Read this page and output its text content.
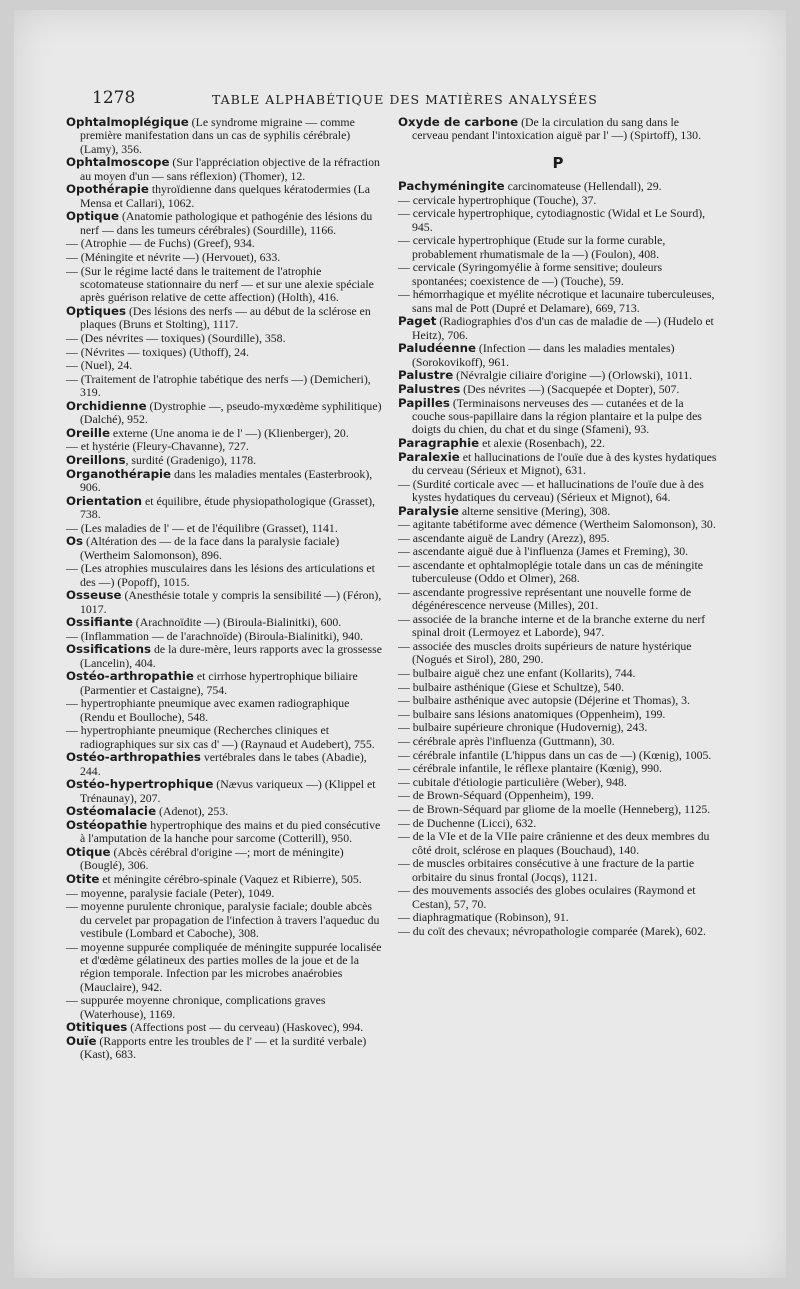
1278	TABLE ALPHABÉTIQUE DES MATIÈRES ANALYSÉES
Ophtalmoplégique (Le syndrome migraine — comme première manifestation dans un cas de syphilis cérébrale) (Lamy), 356.
Ophtalmoscope (Sur l'appréciation objective de la réfraction au moyen d'un — sans réflexion) (Thomer), 12.
Opothérapie thyroïdienne dans quelques kératodermies (La Mensa et Callari), 1062.
Optique (Anatomie pathologique et pathogénie des lésions du nerf — dans les tumeurs cérébrales) (Sourdille), 1166.
— (Atrophie — de Fuchs) (Greef), 934.
— (Méningite et névrite —) (Hervouet), 633.
— (Sur le régime lacté dans le traitement de l'atrophie scotomateuse stationnaire du nerf — et sur une alexie spéciale après guérison relative de cette affection) (Holth), 416.
Optiques (Des lésions des nerfs — au début de la sclérose en plaques (Bruns et Stolting), 1117.
— (Des névrites — toxiques) (Sourdille), 358.
— (Névrites — toxiques) (Uthoff), 24.
— (Nuel), 24.
— (Traitement de l'atrophie tabétique des nerfs —) (Demicheri), 319.
Orchidienne (Dystrophie —, pseudo-myxœdème syphilitique) (Dalché), 952.
Oreille externe (Une anoma ie de l' —) (Klienberger), 20.
— et hystérie (Fleury-Chavanne), 727.
Oreillons, surdité (Gradenigo), 1178.
Organothérapie dans les maladies mentales (Easterbrook), 906.
Orientation et équilibre, étude physiopathologique (Grasset), 738.
— (Les maladies de l' — et de l'équilibre (Grasset), 1141.
Os (Altération des — de la face dans la paralysie faciale) (Wertheim Salomonson), 896.
— (Les atrophies musculaires dans les lésions des articulations et des —) (Popoff), 1015.
Osseuse (Anesthésie totale y compris la sensibilité —) (Féron), 1017.
Ossifiante (Arachnoïdite —) (Biroula-Bialinitki), 600.
— (Inflammation — de l'arachnoïde) (Biroula-Bialinitki), 940.
Ossifications de la dure-mère, leurs rapports avec la grossesse (Lancelin), 404.
Ostéo-arthropathie et cirrhose hypertrophique biliaire (Parmentier et Castaigne), 754.
— hypertrophiante pneumique avec examen radiographique (Rendu et Boulloche), 548.
— hypertrophiante pneumique (Recherches cliniques et radiographiques sur six cas d' —) (Raynaud et Audebert), 755.
Ostéo-arthropathies vertébrales dans le tabes (Abadie), 244.
Ostéo-hypertrophique (Nævus variqueux —) (Klippel et Trénaunay), 207.
Ostéomalacie (Adenot), 253.
Ostéopathie hypertrophique des mains et du pied consécutive à l'amputation de la hanche pour sarcome (Cotterill), 950.
Otique (Abcès cérébral d'origine —; mort de méningite) (Bouglé), 306.
Otite et méningite cérébro-spinale (Vaquez et Ribierre), 505.
— moyenne, paralysie faciale (Peter), 1049.
— moyenne purulente chronique, paralysie faciale; double abcès du cervelet par propagation de l'infection à travers l'aqueduc du vestibule (Lombard et Caboche), 308.
— moyenne suppurée compliquée de méningite suppurée localisée et d'œdème gélatineux des parties molles de la joue et de la région temporale. Infection par les microbes anaérobies (Mauclaire), 942.
— suppurée moyenne chronique, complications graves (Waterhouse), 1169.
Otitiques (Affections post — du cerveau) (Haskovec), 994.
Ouïe (Rapports entre les troubles de l' — et la surdité verbale) (Kast), 683.
Oxyde de carbone (De la circulation du sang dans le cerveau pendant l'intoxication aiguë par l' —) (Spirtoff), 130.
P
Pachyméningite carcinomateuse (Hellendall), 29.
— cervicale hypertrophique (Touche), 37.
— cervicale hypertrophique, cytodiagnostic (Widal et Le Sourd), 945.
— cervicale hypertrophique (Etude sur la forme curable, probablement rhumatismale de la —) (Foulon), 408.
— cervicale (Syringomyélie à forme sensitive; douleurs spontanées; coexistence de —) (Touche), 59.
— hémorrhagique et myélite nécrotique et lacunaire tuberculeuses, sans mal de Pott (Dupré et Delamare), 669, 713.
Paget (Radiographies d'os d'un cas de maladie de —) (Hudelo et Heitz), 706.
Paludéenne (Infection — dans les maladies mentales) (Sorokovikoff), 961.
Palustre (Névralgie ciliaire d'origine —) (Orlowski), 1011.
Palustres (Des névrites —) (Sacquepée et Dopter), 507.
Papilles (Terminaisons nerveuses des — cutanées et de la couche sous-papillaire dans la région plantaire et la pulpe des doigts du chien, du chat et du singe (Sfameni), 93.
Paragraphie et alexie (Rosenbach), 22.
Paralexie et hallucinations de l'ouïe due à des kystes hydatiques du cerveau (Sérieux et Mignot), 631.
— (Surdité corticale avec — et hallucinations de l'ouïe due à des kystes hydatiques du cerveau) (Sérieux et Mignot), 64.
Paralysie alterne sensitive (Mering), 308.
— agitante tabétiforme avec démence (Wertheim Salomonson), 30.
— ascendante aiguë de Landry (Arezz), 895.
— ascendante aiguë due à l'influenza (James et Freming), 30.
— ascendante et ophtalmoplégie totale dans un cas de méningite tuberculeuse (Oddo et Olmer), 268.
— ascendante progressive représentant une nouvelle forme de dégénérescence nerveuse (Milles), 201.
— associée de la branche interne et de la branche externe du nerf spinal droit (Lermoyez et Laborde), 947.
— associée des muscles droits supérieurs de nature hystérique (Nogués et Sirol), 280, 290.
— bulbaire aiguë chez une enfant (Kollarits), 744.
— bulbaire asthénique (Giese et Schultze), 540.
— bulbaire asthénique avec autopsie (Déjerine et Thomas), 3.
— bulbaire sans lésions anatomiques (Oppenheim), 199.
— bulbaire supérieure chronique (Hudovernig), 243.
— cérébrale après l'influenza (Guttmann), 30.
— cérébrale infantile (L'hippus dans un cas de —) (Kœnig), 1005.
— cérébrale infantile, le réflexe plantaire (Kœnig), 990.
— cubitale d'étiologie particulière (Weber), 948.
— de Brown-Séquard (Oppenheim), 199.
— de Brown-Séquard par gliome de la moelle (Henneberg), 1125.
— de Duchenne (Licci), 632.
— de la VIe et de la VIIe paire crânienne et des deux membres du côté droit, sclérose en plaques (Bouchaud), 140.
— de muscles orbitaires consécutive à une fracture de la partie orbitaire du sinus frontal (Jocqs), 1121.
— des mouvements associés des globes oculaires (Raymond et Cestan), 57, 70.
— diaphragmatique (Robinson), 91.
— du coït des chevaux; névropathologie comparée (Marek), 602.
